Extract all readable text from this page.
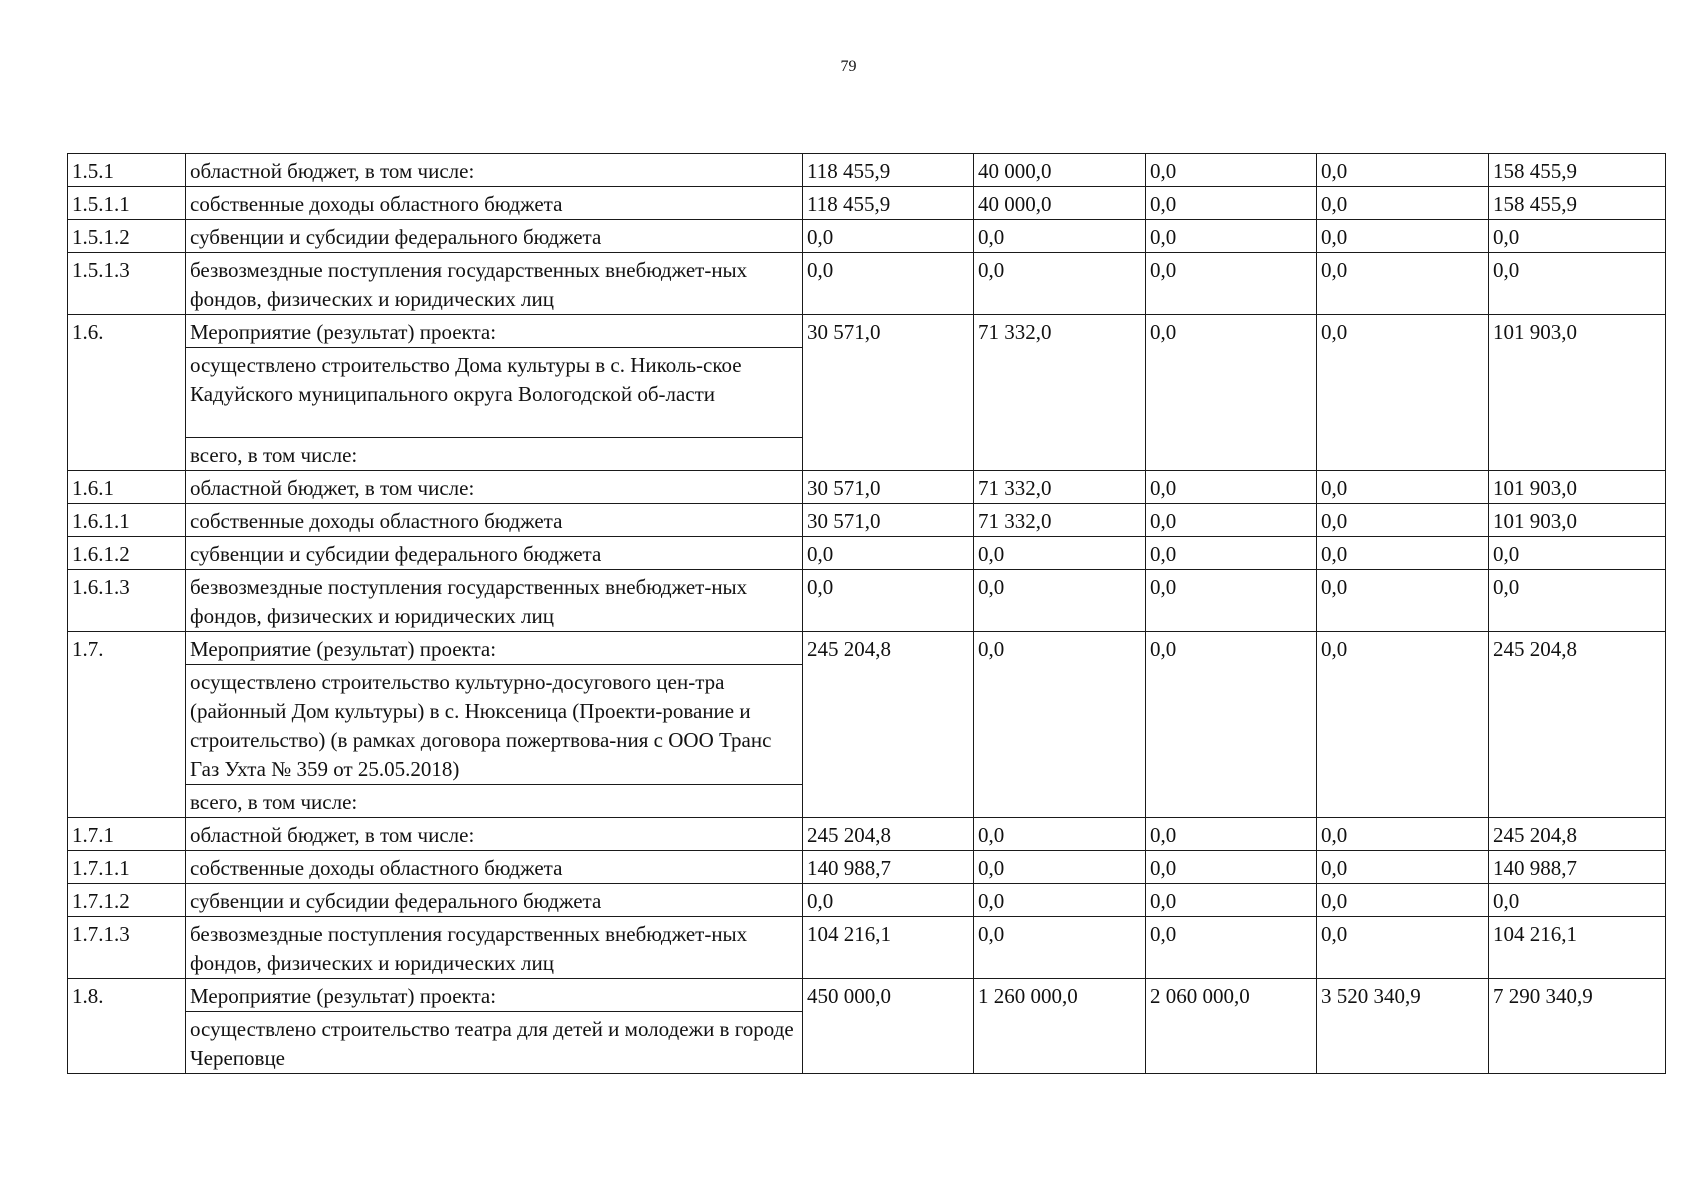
79
1.5.1	областной бюджет, в том числе:	118 455,9	40 000,0	0,0	0,0	158 455,9
1.5.1.1	собственные доходы областного бюджета	118 455,9	40 000,0	0,0	0,0	158 455,9
1.5.1.2	субвенции и субсидии федерального бюджета	0,0	0,0	0,0	0,0	0,0
1.5.1.3	безвозмездные поступления государственных внебюджет-ных фондов, физических и юридических лиц	0,0	0,0	0,0	0,0	0,0
1.6.	Мероприятие (результат) проекта:	30 571,0	71 332,0	0,0	0,0	101 903,0
	осуществлено строительство Дома культуры в с. Николь-ское Кадуйского муниципального округа Вологодской об-ласти					
	всего, в том числе:					
1.6.1	областной бюджет, в том числе:	30 571,0	71 332,0	0,0	0,0	101 903,0
1.6.1.1	собственные доходы областного бюджета	30 571,0	71 332,0	0,0	0,0	101 903,0
1.6.1.2	субвенции и субсидии федерального бюджета	0,0	0,0	0,0	0,0	0,0
1.6.1.3	безвозмездные поступления государственных внебюджет-ных фондов, физических и юридических лиц	0,0	0,0	0,0	0,0	0,0
1.7.	Мероприятие (результат) проекта:	245 204,8	0,0	0,0	0,0	245 204,8
	осуществлено строительство культурно-досугового цен-тра (районный Дом культуры) в с. Нюксеница (Проекти-рование и строительство) (в рамках договора пожертвова-ния с ООО Транс Газ Ухта № 359 от 25.05.2018)					
	всего, в том числе:					
1.7.1	областной бюджет, в том числе:	245 204,8	0,0	0,0	0,0	245 204,8
1.7.1.1	собственные доходы областного бюджета	140 988,7	0,0	0,0	0,0	140 988,7
1.7.1.2	субвенции и субсидии федерального бюджета	0,0	0,0	0,0	0,0	0,0
1.7.1.3	безвозмездные поступления государственных внебюджет-ных фондов, физических и юридических лиц	104 216,1	0,0	0,0	0,0	104 216,1
1.8.	Мероприятие (результат) проекта:	450 000,0	1 260 000,0	2 060 000,0	3 520 340,9	7 290 340,9
	осуществлено строительство театра для детей и молодежи в городе Череповце					
